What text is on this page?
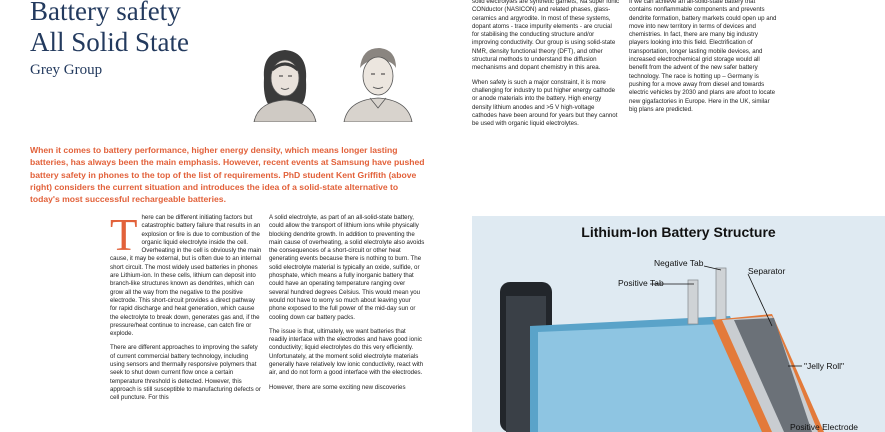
Battery safety
All Solid State
Grey Group
When it comes to battery performance, higher energy density, which means longer lasting batteries, has always been the main emphasis. However, recent events at Samsung have pushed battery safety in phones to the top of the list of requirements. PhD student Kent Griffith (above right) considers the current situation and introduces the idea of a solid-state alternative to today's most successful rechargeable batteries.

There can be different initiating factors but catastrophic battery failure that results in an explosion or fire is due to combustion of the organic liquid electrolyte inside the cell. Overheating in the cell is obviously the main cause, it may be external, but is often due to an internal short circuit. The most widely used batteries in phones are Lithium-ion. In these cells, lithium can deposit into branch-like structures known as dendrites, which can grow all the way from the negative to the positive electrode. This short-circuit provides a direct pathway for rapid discharge and heat generation, which cause the electrolyte to break down, generates gas and, if the pressure/heat continue to increase, can catch fire or explode.

There are different approaches to improving the safety of current commercial battery technology, including using sensors and thermally responsive polymers that seek to shut down current flow once a certain temperature threshold is detected. However, this approach is still susceptible to manufacturing defects or cell puncture. For this

A solid electrolyte, as part of an all-solid-state battery, could allow the transport of lithium ions while physically blocking dendrite growth. In addition to preventing the main cause of overheating, a solid electrolyte also avoids the consequences of a short-circuit or other heat generating events because there is nothing to burn. The solid electrolyte material is typically an oxide, sulfide, or phosphate, which means a fully inorganic battery that could have an operating temperature ranging over several hundred degrees Celsius. This would mean you would not have to worry so much about leaving your phone exposed to the full power of the mid-day sun or cooling down car battery packs.

The issue is that, ultimately, we want batteries that readily interface with the electrodes and have good ionic conductivity; liquid electrolytes do this very efficiently. Unfortunately, at the moment solid electrolyte materials generally have relatively low ionic conductivity, react with air, and do not form a good interface with the electrodes.

However, there are some exciting new discoveries

solid electrolytes are synthetic garnets, Na super Ionic CONductor (NASICON) and related phases, glass-ceramics and argyrodite. In most of these systems, dopant atoms - trace impurity elements - are crucial for stabilising the conducting structure and/or improving conductivity. Our group is using solid-state NMR, density functional theory (DFT), and other structural methods to understand the diffusion mechanisms and dopant chemistry in this area.

When safety is such a major constraint, it is more challenging for industry to put higher energy cathode or anode materials into the battery. High energy density lithium anodes and >5 V high-voltage cathodes have been around for years but they cannot be used with organic liquid electrolytes.

If we can achieve an all-solid-state battery that contains nonflammable components and prevents dendrite formation, battery markets could open up and move into new territory in terms of devices and chemistries. In fact, there are many big industry players looking into this field. Electrification of transportation, longer lasting mobile devices, and increased electrochemical grid storage would all benefit from the advent of the new safer battery technology. The race is hotting up – Germany is pushing for a move away from diesel and towards electric vehicles by 2030 and plans are afoot to locate new gigafactories in Europe. Here in the UK, similar big plans are predicted.

Lithium-Ion Battery Structure
Negative Tab
Positive Tab
Separator
"Jelly Roll"
Positive Electrode
